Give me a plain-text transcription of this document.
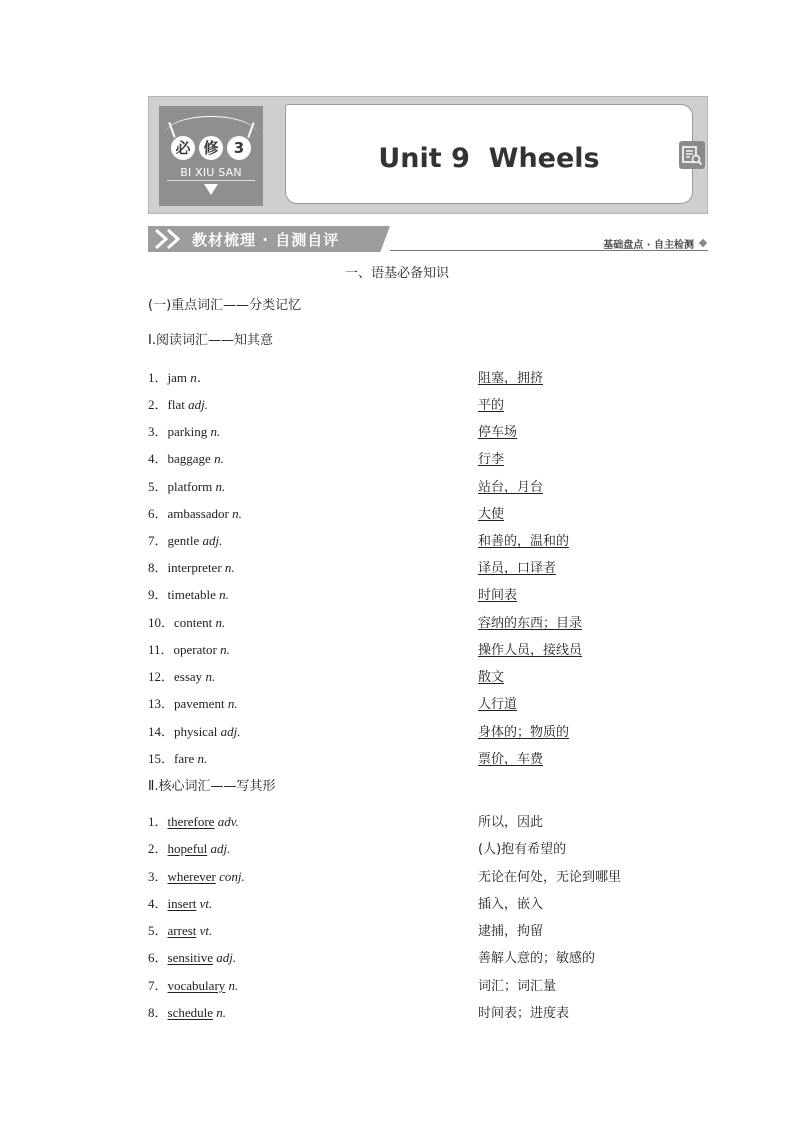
必 修	3
BI XIU SAN	Unit 9  Wheels
教材梳理 · 自测自评	基础盘点 · 自主检测
一、语基必备知识
(一)重点词汇——分类记忆
Ⅰ.阅读词汇——知其意
1．jam n．	阻塞，拥挤
2．flat adj.	平的
3．parking n.	停车场
4．baggage n.	行李
5．platform n.	站台，月台
6．ambassador n.	大使
7．gentle adj.	和善的，温和的
8．interpreter n.	译员，口译者
9．timetable n.	时间表
10．content n.	容纳的东西；目录
11．operator n.	操作人员，接线员
12．essay n.	散文
13．pavement n.	人行道
14．physical adj.	身体的；物质的
15．fare n.	票价，车费
Ⅱ.核心词汇——写其形
1．therefore adv.	所以，因此
2．hopeful adj.	(人)抱有希望的
3．wherever conj.	无论在何处，无论到哪里
4．insert vt.	插入，嵌入
5．arrest vt.	逮捕，拘留
6．sensitive adj.	善解人意的；敏感的
7．vocabulary n.	词汇；词汇量
8．schedule n.	时间表；进度表
